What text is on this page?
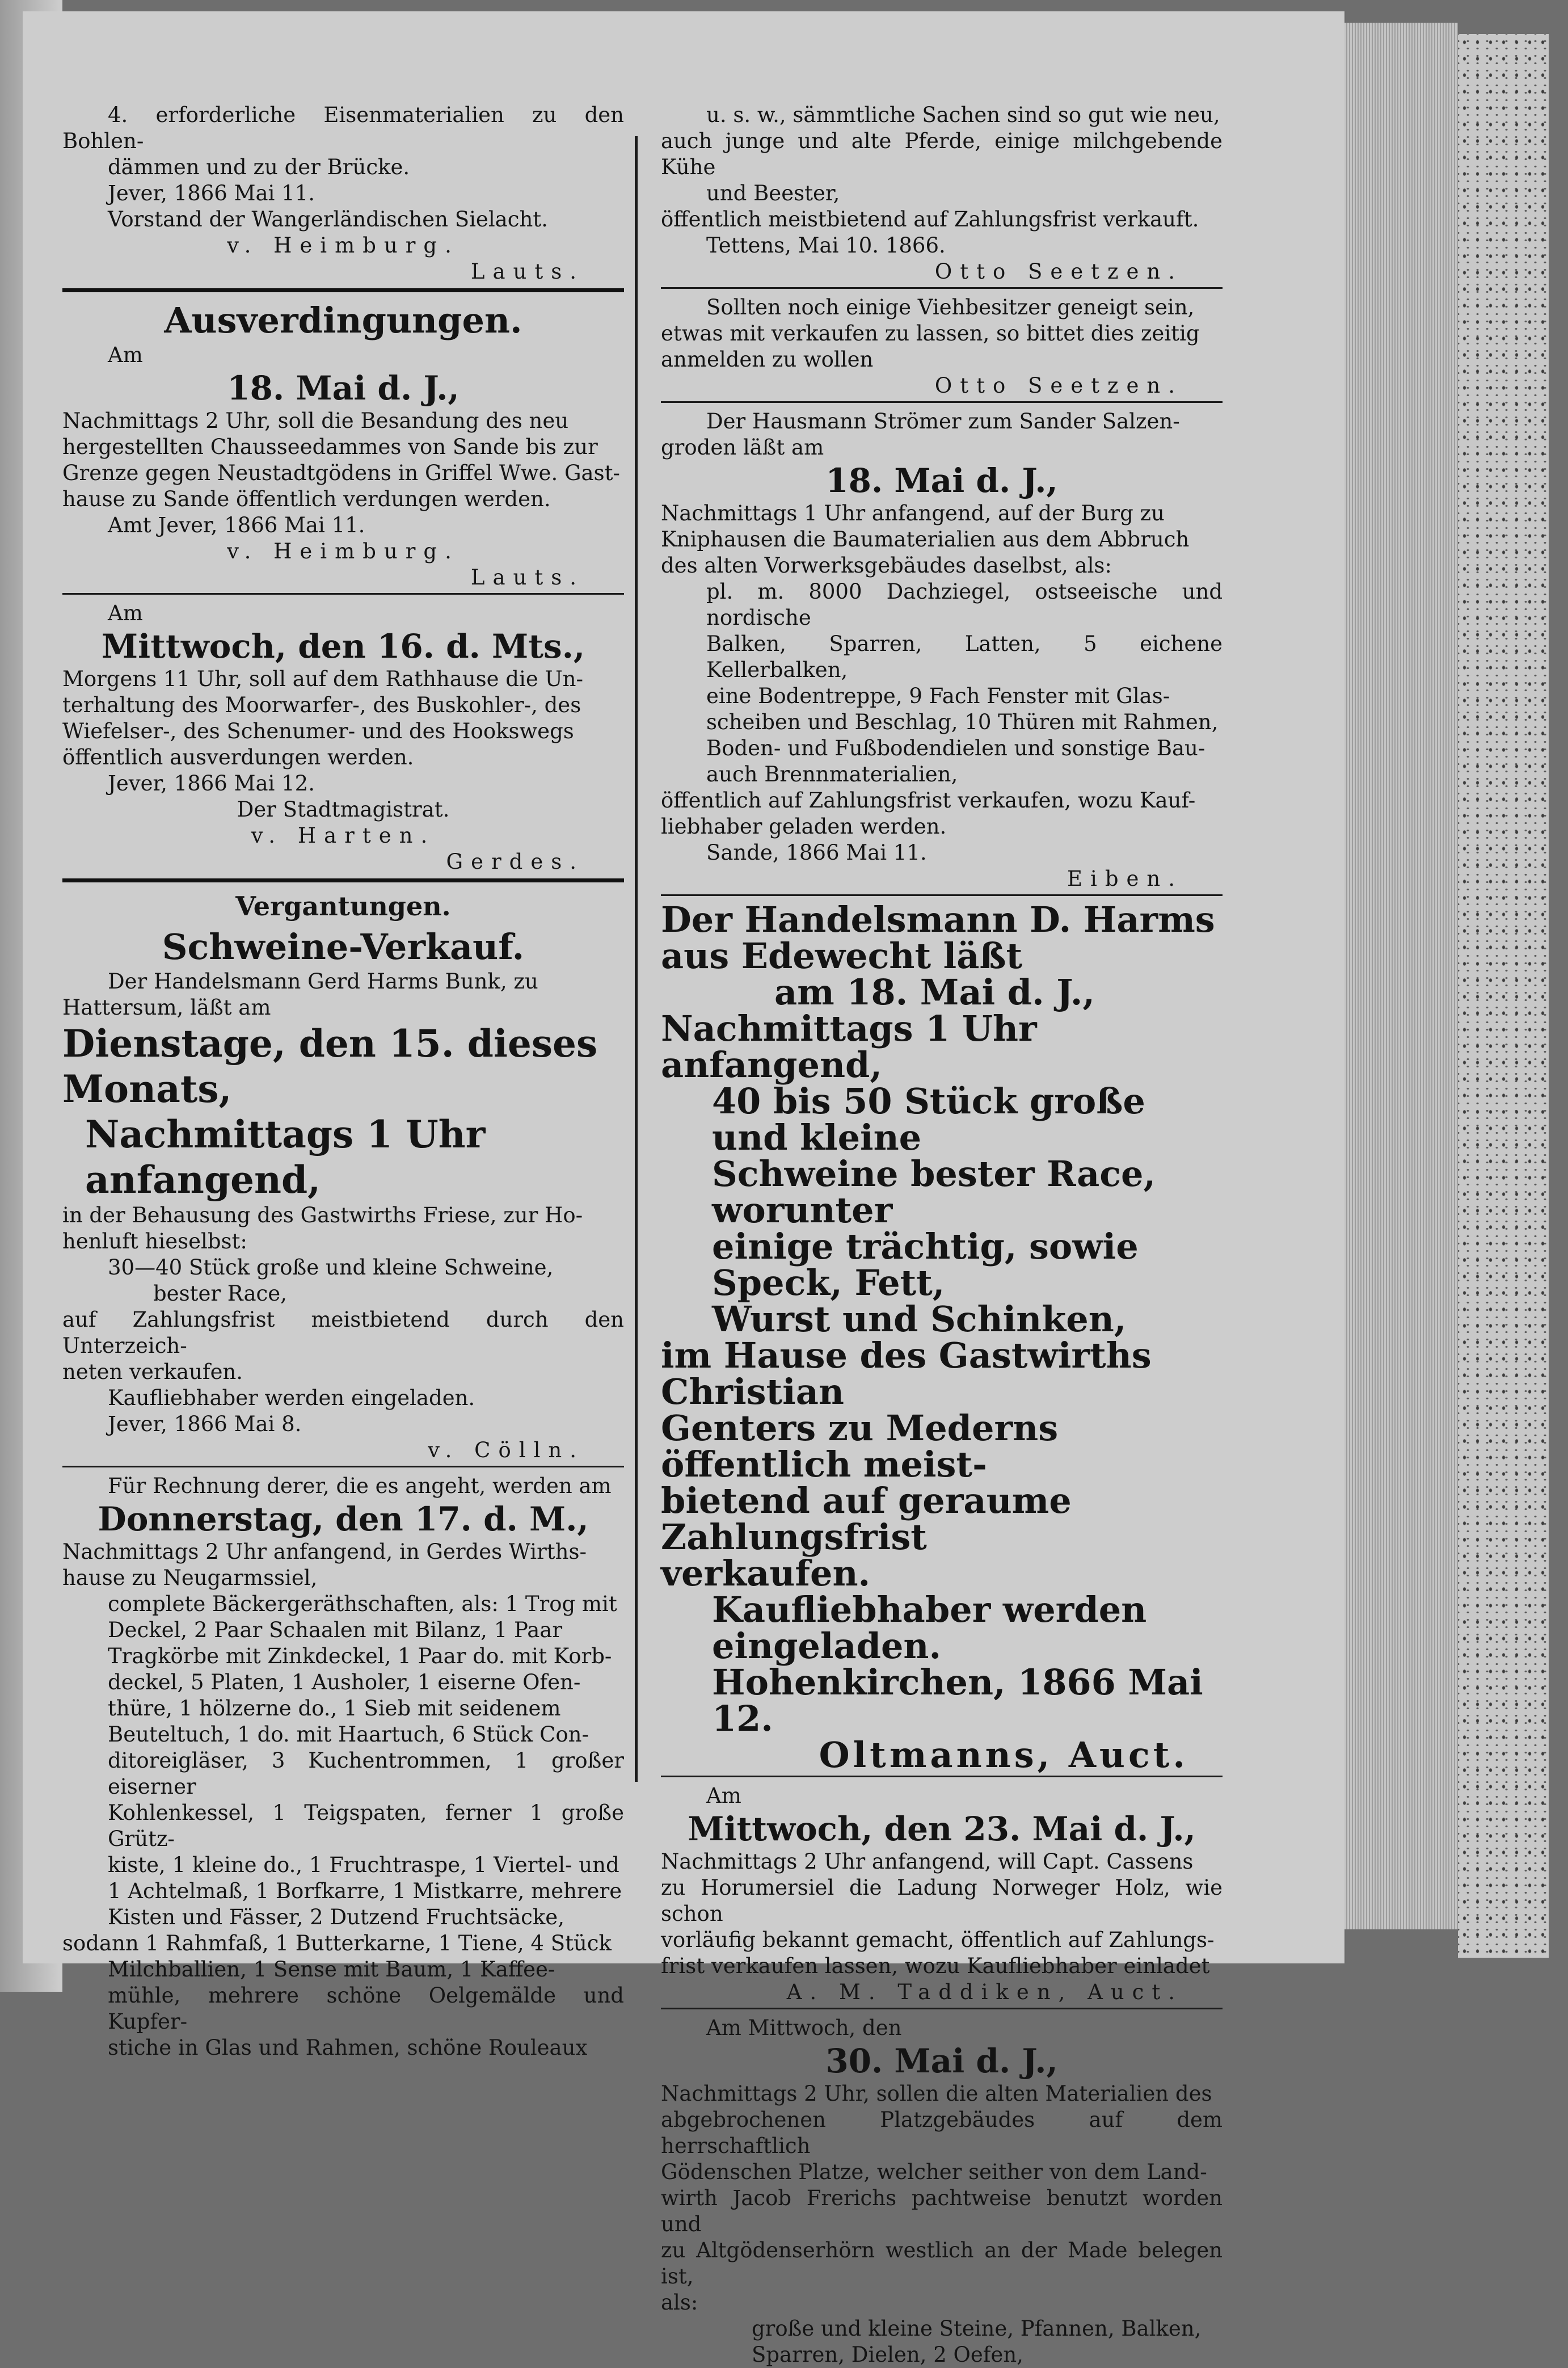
4. erforderliche Eisenmaterialien zu den Bohlen-

dämmen und zu der Brücke.

Jever, 1866 Mai 11.

Vorstand der Wangerländischen Sielacht.

v. Heimburg.

Lauts.

Ausverdingungen.

Am

18. Mai d. J.,

Nachmittags 2 Uhr, soll die Besandung des neu

hergestellten Chausseedammes von Sande bis zur

Grenze gegen Neustadtgödens in Griffel Wwe. Gast-

hause zu Sande öffentlich verdungen werden.

Amt Jever, 1866 Mai 11.

v. Heimburg.

Lauts.

Am

Mittwoch, den 16. d. Mts.,

Morgens 11 Uhr, soll auf dem Rathhause die Un-

terhaltung des Moorwarfer-, des Buskohler-, des

Wiefelser-, des Schenumer- und des Hookswegs

öffentlich ausverdungen werden.

Jever, 1866 Mai 12.

Der Stadtmagistrat.

v. Harten.

Gerdes.

Vergantungen.

Schweine-Verkauf.

Der Handelsmann Gerd Harms Bunk, zu

Hattersum, läßt am

Dienstage, den 15. dieses Monats,

Nachmittags 1 Uhr anfangend,

in der Behausung des Gastwirths Friese, zur Ho-

henluft hieselbst:

30—40 Stück große und kleine Schweine,

bester Race,

auf Zahlungsfrist meistbietend durch den Unterzeich-

neten verkaufen.

Kaufliebhaber werden eingeladen.

Jever, 1866 Mai 8.

v. Cölln.

Für Rechnung derer, die es angeht, werden am

Donnerstag, den 17. d. M.,

Nachmittags 2 Uhr anfangend, in Gerdes Wirths-

hause zu Neugarmssiel,

complete Bäckergeräthschaften, als: 1 Trog mit

Deckel, 2 Paar Schaalen mit Bilanz, 1 Paar

Tragkörbe mit Zinkdeckel, 1 Paar do. mit Korb-

deckel, 5 Platen, 1 Ausholer, 1 eiserne Ofen-

thüre, 1 hölzerne do., 1 Sieb mit seidenem

Beuteltuch, 1 do. mit Haartuch, 6 Stück Con-

ditoreigläser, 3 Kuchentrommen, 1 großer eiserner

Kohlenkessel, 1 Teigspaten, ferner 1 große Grütz-

kiste, 1 kleine do., 1 Fruchtraspe, 1 Viertel- und

1 Achtelmaß, 1 Borfkarre, 1 Mistkarre, mehrere

Kisten und Fässer, 2 Dutzend Fruchtsäcke,

sodann 1 Rahmfaß, 1 Butterkarne, 1 Tiene, 4 Stück

Milchballien, 1 Sense mit Baum, 1 Kaffee-

mühle, mehrere schöne Oelgemälde und Kupfer-

stiche in Glas und Rahmen, schöne Rouleaux

u. s. w., sämmtliche Sachen sind so gut wie neu,

auch junge und alte Pferde, einige milchgebende Kühe

und Beester,

öffentlich meistbietend auf Zahlungsfrist verkauft.

Tettens, Mai 10. 1866.

Otto Seetzen.

Sollten noch einige Viehbesitzer geneigt sein,

etwas mit verkaufen zu lassen, so bittet dies zeitig

anmelden zu wollen

Otto Seetzen.

Der Hausmann Strömer zum Sander Salzen-

groden läßt am

18. Mai d. J.,

Nachmittags 1 Uhr anfangend, auf der Burg zu

Kniphausen die Baumaterialien aus dem Abbruch

des alten Vorwerksgebäudes daselbst, als:

pl. m. 8000 Dachziegel, ostseeische und nordische

Balken, Sparren, Latten, 5 eichene Kellerbalken,

eine Bodentreppe, 9 Fach Fenster mit Glas-

scheiben und Beschlag, 10 Thüren mit Rahmen,

Boden- und Fußbodendielen und sonstige Bau-

auch Brennmaterialien,

öffentlich auf Zahlungsfrist verkaufen, wozu Kauf-

liebhaber geladen werden.

Sande, 1866 Mai 11.

Eiben.

Der Handelsmann D. Harms

aus Edewecht läßt

am 18. Mai d. J.,

Nachmittags 1 Uhr anfangend,

40 bis 50 Stück große und kleine

Schweine bester Race, worunter

einige trächtig, sowie Speck, Fett,

Wurst und Schinken,

im Hause des Gastwirths Christian

Genters zu Mederns öffentlich meist-

bietend auf geraume Zahlungsfrist

verkaufen.

Kaufliebhaber werden eingeladen.

Hohenkirchen, 1866 Mai 12.

Oltmanns, Auct.

Am

Mittwoch, den 23. Mai d. J.,

Nachmittags 2 Uhr anfangend, will Capt. Cassens

zu Horumersiel die Ladung Norweger Holz, wie schon

vorläufig bekannt gemacht, öffentlich auf Zahlungs-

frist verkaufen lassen, wozu Kaufliebhaber einladet

A. M. Taddiken, Auct.

Am Mittwoch, den

30. Mai d. J.,

Nachmittags 2 Uhr, sollen die alten Materialien des

abgebrochenen Platzgebäudes auf dem herrschaftlich

Gödenschen Platze, welcher seither von dem Land-

wirth Jacob Frerichs pachtweise benutzt worden und

zu Altgödenserhörn westlich an der Made belegen ist,

als:

große und kleine Steine, Pfannen, Balken,

Sparren, Dielen, 2 Oefen,
